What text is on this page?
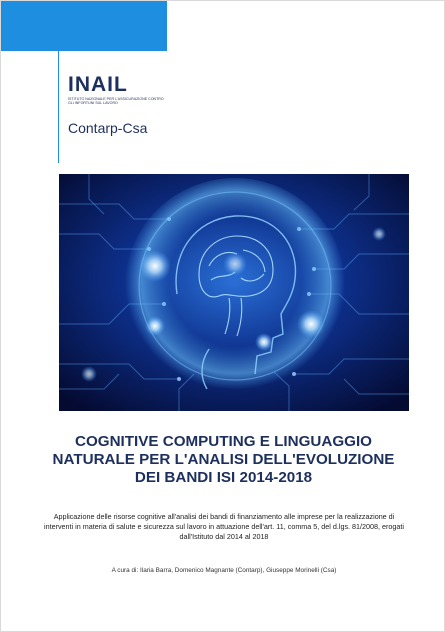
INAIL
ISTITUTO NAZIONALE PER L'ASSICURAZIONE CONTRO GLI INFORTUNI SUL LAVORO
Contarp-Csa
COGNITIVE COMPUTING E LINGUAGGIO
NATURALE PER L'ANALISI DELL'EVOLUZIONE
DEI BANDI ISI 2014-2018

Applicazione delle risorse cognitive all'analisi dei bandi di finanziamento alle imprese per la realizzazione di interventi in materia di salute e sicurezza sul lavoro in attuazione dell'art. 11, comma 5, del d.lgs. 81/2008, erogati dall'Istituto dal 2014 al 2018

A cura di: Ilaria Barra, Domenico Magnante (Contarp), Giuseppe Morinelli (Csa)
